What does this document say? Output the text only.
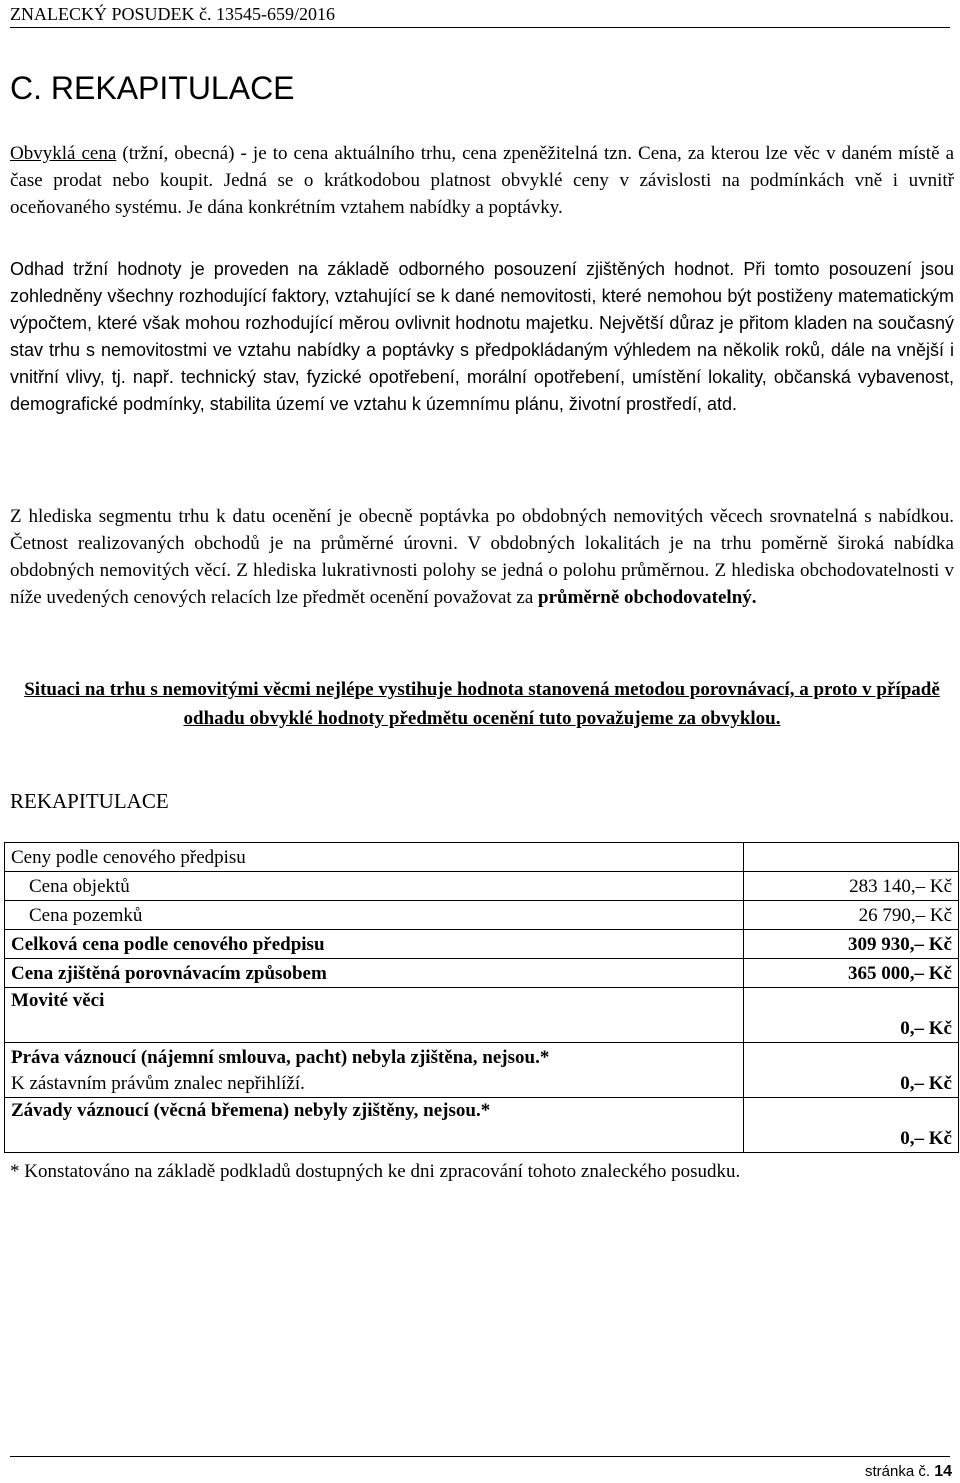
ZNALECKÝ POSUDEK č. 13545-659/2016
C. REKAPITULACE

Obvyklá cena (tržní, obecná) - je to cena aktuálního trhu, cena zpeněžitelná tzn. Cena, za kterou lze věc v daném místě a čase prodat nebo koupit. Jedná se o krátkodobou platnost obvyklé ceny v závislosti na podmínkách vně i uvnitř oceňovaného systému. Je dána konkrétním vztahem nabídky a poptávky.

Odhad tržní hodnoty je proveden na základě odborného posouzení zjištěných hodnot. Při tomto posouzení jsou zohledněny všechny rozhodující faktory, vztahující se k dané nemovitosti, které nemohou být postiženy matematickým výpočtem, které však mohou rozhodující měrou ovlivnit hodnotu majetku. Největší důraz je přitom kladen na současný stav trhu s nemovitostmi ve vztahu nabídky a poptávky s předpokládaným výhledem na několik roků, dále na vnější i vnitřní vlivy, tj. např. technický stav, fyzické opotřebení, morální opotřebení, umístění lokality, občanská vybavenost, demografické podmínky, stabilita území ve vztahu k územnímu plánu, životní prostředí, atd.

Z hlediska segmentu trhu k datu ocenění je obecně poptávka po obdobných nemovitých věcech srovnatelná s nabídkou. Četnost realizovaných obchodů je na průměrné úrovni. V obdobných lokalitách je na trhu poměrně široká nabídka obdobných nemovitých věcí. Z hlediska lukrativnosti polohy se jedná o polohu průměrnou. Z hlediska obchodovatelnosti v níže uvedených cenových relacích lze předmět ocenění považovat za průměrně obchodovatelný.

Situaci na trhu s nemovitými věcmi nejlépe vystihuje hodnota stanovená metodou porovnávací, a proto v případě odhadu obvyklé hodnoty předmětu ocenění tuto považujeme za obvyklou.
REKAPITULACE
Ceny podle cenového předpisu	
Cena objektů	283 140,– Kč
Cena pozemků	26 790,– Kč
Celková cena podle cenového předpisu	309 930,– Kč
Cena zjištěná porovnávacím způsobem	365 000,– Kč
Movité věci	0,– Kč

Práva váznoucí (nájemní smlouva, pacht) nebyla zjištěna, nejsou.*
K zástavním právům znalec nepřihlíží.	0,– Kč
Závady váznoucí (věcná břemena) nebyly zjištěny, nejsou.*	0,– Kč
* Konstatováno na základě podkladů dostupných ke dni zpracování tohoto znaleckého posudku.
stránka č. 14
